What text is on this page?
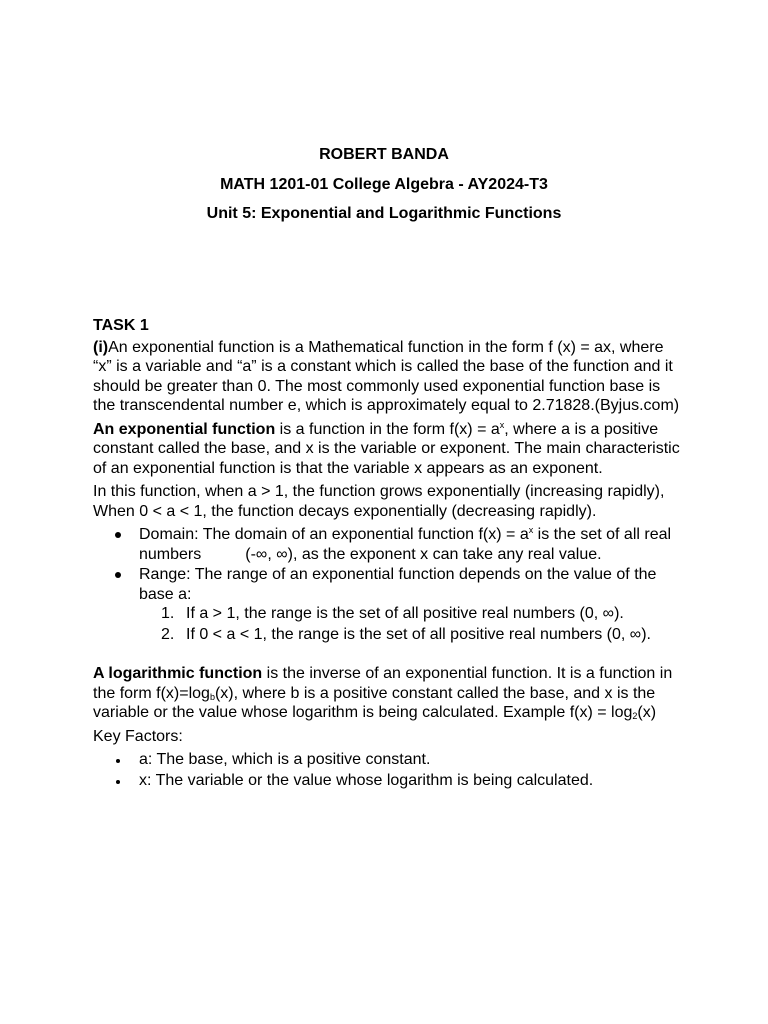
ROBERT BANDA
MATH 1201-01 College Algebra - AY2024-T3
Unit 5: Exponential and Logarithmic Functions
TASK 1

(i)An exponential function is a Mathematical function in the form f (x) = ax, where “x” is a variable and “a” is a constant which is called the base of the function and it should be greater than 0. The most commonly used exponential function base is the transcendental number e, which is approximately equal to 2.71828.(Byjus.com)

An exponential function is a function in the form $f(x) = a^x$, where a is a positive constant called the base, and x is the variable or exponent. The main characteristic of an exponential function is that the variable x appears as an exponent.

In this function, when a > 1, the function grows exponentially (increasing rapidly), When 0 < a < 1, the function decays exponentially (decreasing rapidly).

Domain: The domain of an exponential function $f(x) = a^x$ is the set of all real numbers	(-∞, ∞), as the exponent x can take any real value.
Range: The range of an exponential function depends on the value of the base a:
1. If a > 1, the range is the set of all positive real numbers (0, ∞).
2. If 0 < a < 1, the range is the set of all positive real numbers (0, ∞).

A logarithmic function is the inverse of an exponential function. It is a function in the form $f(x)=\log_b(x)$, where b is a positive constant called the base, and x is the variable or the value whose logarithm is being calculated. Example $f(x) = \log_2(x)$

Key Factors:

a: The base, which is a positive constant.
x: The variable or the value whose logarithm is being calculated.
